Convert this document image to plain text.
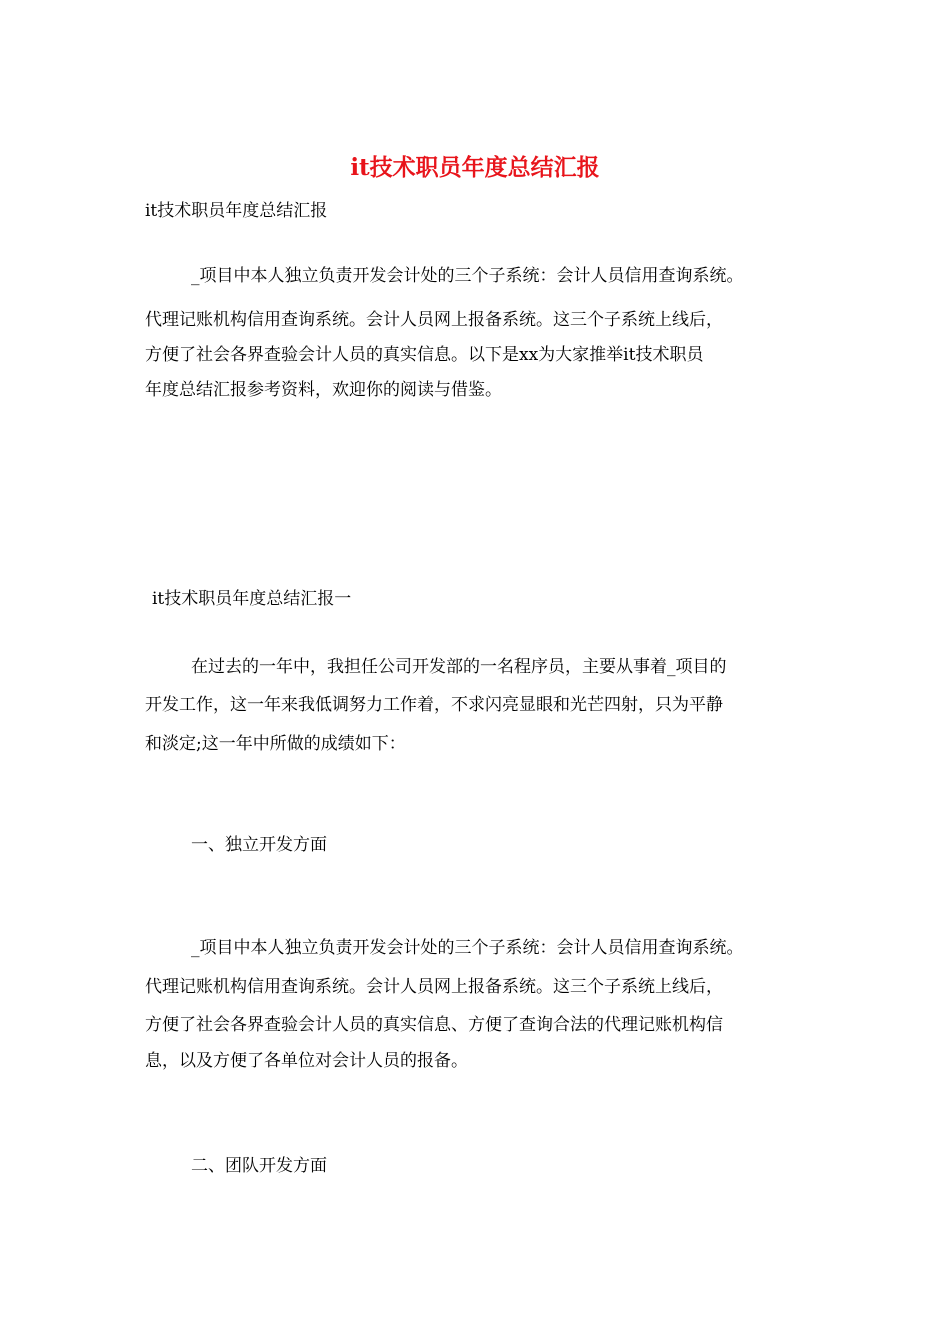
it技术职员年度总结汇报
it技术职员年度总结汇报
_项目中本人独立负责开发会计处的三个子系统：会计人员信用查询系统。
代理记账机构信用查询系统。会计人员网上报备系统。这三个子系统上线后，
方便了社会各界查验会计人员的真实信息。以下是xx为大家推举it技术职员
年度总结汇报参考资料，欢迎你的阅读与借鉴。
it技术职员年度总结汇报一
在过去的一年中，我担任公司开发部的一名程序员，主要从事着_项目的
开发工作，这一年来我低调努力工作着，不求闪亮显眼和光芒四射，只为平静
和淡定;这一年中所做的成绩如下：
一、独立开发方面
_项目中本人独立负责开发会计处的三个子系统：会计人员信用查询系统。
代理记账机构信用查询系统。会计人员网上报备系统。这三个子系统上线后，
方便了社会各界查验会计人员的真实信息、方便了查询合法的代理记账机构信
息，以及方便了各单位对会计人员的报备。
二、团队开发方面
